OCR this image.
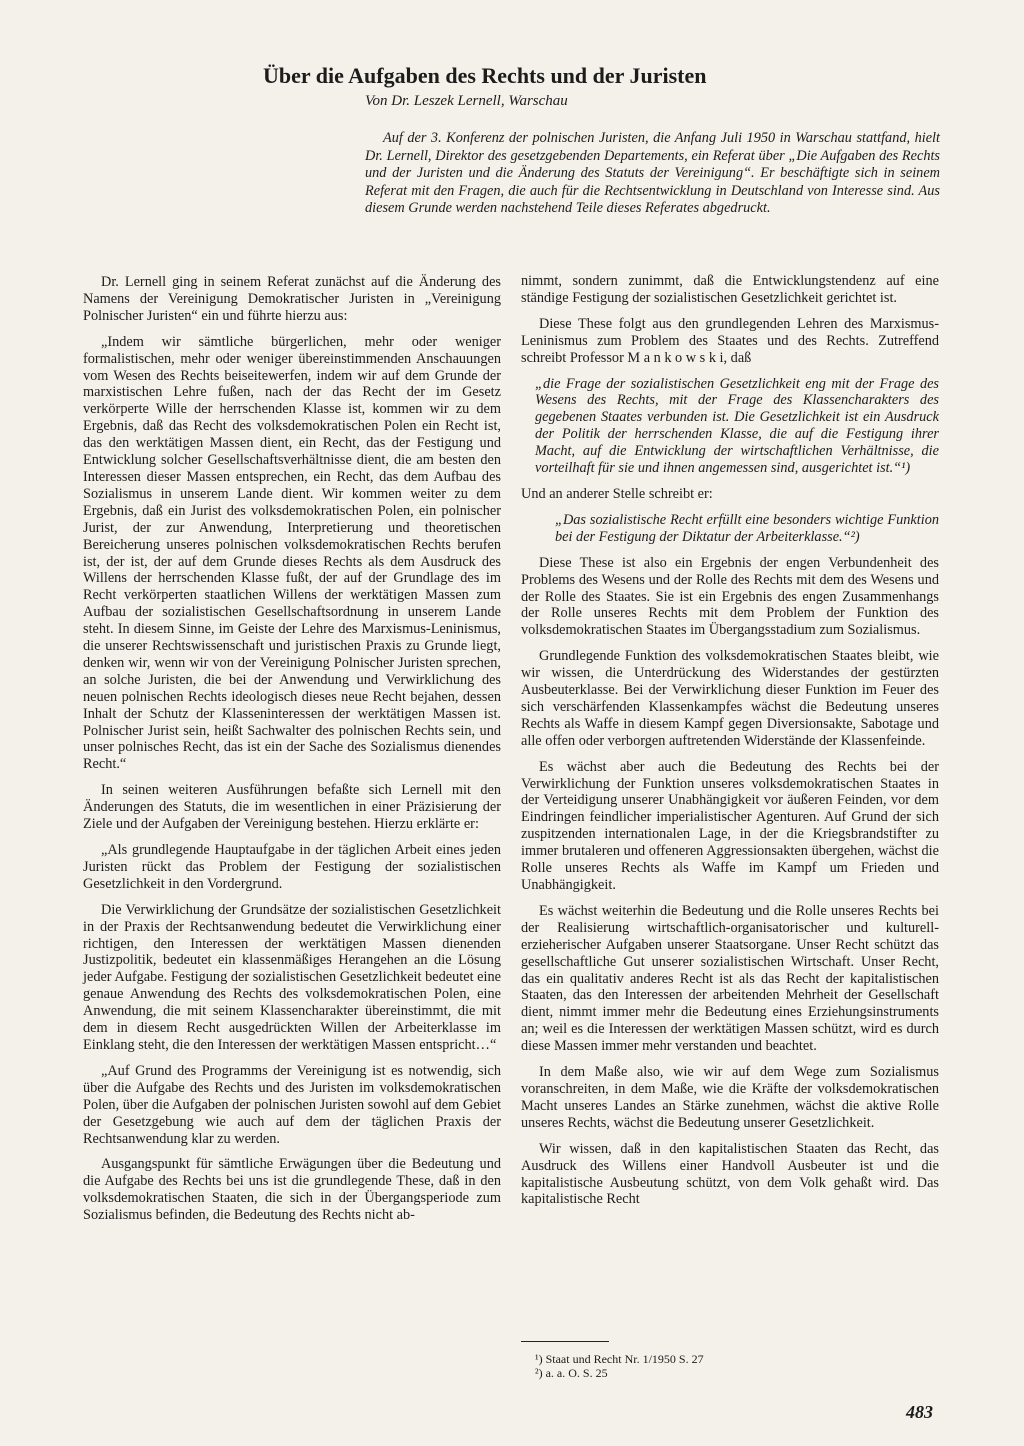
Über die Aufgaben des Rechts und der Juristen

Von Dr. Leszek Lernell, Warschau

Auf der 3. Konferenz der polnischen Juristen, die Anfang Juli 1950 in Warschau stattfand, hielt Dr. Lernell, Direktor des gesetzgebenden Departements, ein Referat über „Die Aufgaben des Rechts und der Juristen und die Änderung des Statuts der Vereinigung“. Er beschäftigte sich in seinem Referat mit den Fragen, die auch für die Rechtsentwicklung in Deutschland von Interesse sind. Aus diesem Grunde werden nachstehend Teile dieses Referates abgedruckt.

Dr. Lernell ging in seinem Referat zunächst auf die Änderung des Namens der Vereinigung Demokratischer Juristen in „Vereinigung Polnischer Juristen“ ein und führte hierzu aus:

„Indem wir sämtliche bürgerlichen, mehr oder weniger formalistischen, mehr oder weniger übereinstimmenden Anschauungen vom Wesen des Rechts beiseitewerfen, indem wir auf dem Grunde der marxistischen Lehre fußen, nach der das Recht der im Gesetz verkörperte Wille der herrschenden Klasse ist, kommen wir zu dem Ergebnis, daß das Recht des volksdemokratischen Polen ein Recht ist, das den werktätigen Massen dient, ein Recht, das der Festigung und Entwicklung solcher Gesellschaftsverhältnisse dient, die am besten den Interessen dieser Massen entsprechen, ein Recht, das dem Aufbau des Sozialismus in unserem Lande dient. Wir kommen weiter zu dem Ergebnis, daß ein Jurist des volksdemokratischen Polen, ein polnischer Jurist, der zur Anwendung, Interpretierung und theoretischen Bereicherung unseres polnischen volksdemokratischen Rechts berufen ist, der ist, der auf dem Grunde dieses Rechts als dem Ausdruck des Willens der herrschenden Klasse fußt, der auf der Grundlage des im Recht verkörperten staatlichen Willens der werktätigen Massen zum Aufbau der sozialistischen Gesellschaftsordnung in unserem Lande steht. In diesem Sinne, im Geiste der Lehre des Marxismus-Leninismus, die unserer Rechtswissenschaft und juristischen Praxis zu Grunde liegt, denken wir, wenn wir von der Vereinigung Polnischer Juristen sprechen, an solche Juristen, die bei der Anwendung und Verwirklichung des neuen polnischen Rechts ideologisch dieses neue Recht bejahen, dessen Inhalt der Schutz der Klasseninteressen der werktätigen Massen ist. Polnischer Jurist sein, heißt Sachwalter des polnischen Rechts sein, und unser polnisches Recht, das ist ein der Sache des Sozialismus dienendes Recht.“

In seinen weiteren Ausführungen befaßte sich Lernell mit den Änderungen des Statuts, die im wesentlichen in einer Präzisierung der Ziele und der Aufgaben der Vereinigung bestehen. Hierzu erklärte er:

„Als grundlegende Hauptaufgabe in der täglichen Arbeit eines jeden Juristen rückt das Problem der Festigung der sozialistischen Gesetzlichkeit in den Vordergrund.

Die Verwirklichung der Grundsätze der sozialistischen Gesetzlichkeit in der Praxis der Rechtsanwendung bedeutet die Verwirklichung einer richtigen, den Interessen der werktätigen Massen dienenden Justizpolitik, bedeutet ein klassenmäßiges Herangehen an die Lösung jeder Aufgabe. Festigung der sozialistischen Gesetzlichkeit bedeutet eine genaue Anwendung des Rechts des volksdemokratischen Polen, eine Anwendung, die mit seinem Klassencharakter übereinstimmt, die mit dem in diesem Recht ausgedrückten Willen der Arbeiterklasse im Einklang steht, die den Interessen der werktätigen Massen entspricht…“

„Auf Grund des Programms der Vereinigung ist es notwendig, sich über die Aufgabe des Rechts und des Juristen im volksdemokratischen Polen, über die Aufgaben der polnischen Juristen sowohl auf dem Gebiet der Gesetzgebung wie auch auf dem der täglichen Praxis der Rechtsanwendung klar zu werden.

Ausgangspunkt für sämtliche Erwägungen über die Bedeutung und die Aufgabe des Rechts bei uns ist die grundlegende These, daß in den volksdemokratischen Staaten, die sich in der Übergangsperiode zum Sozialismus befinden, die Bedeutung des Rechts nicht ab-

nimmt, sondern zunimmt, daß die Entwicklungstendenz auf eine ständige Festigung der sozialistischen Gesetzlichkeit gerichtet ist.

Diese These folgt aus den grundlegenden Lehren des Marxismus-Leninismus zum Problem des Staates und des Rechts. Zutreffend schreibt Professor M a n k o w s k i, daß

„die Frage der sozialistischen Gesetzlichkeit eng mit der Frage des Wesens des Rechts, mit der Frage des Klassencharakters des gegebenen Staates verbunden ist. Die Gesetzlichkeit ist ein Ausdruck der Politik der herrschenden Klasse, die auf die Festigung ihrer Macht, auf die Entwicklung der wirtschaftlichen Verhältnisse, die vorteilhaft für sie und ihnen angemessen sind, ausgerichtet ist.“¹)

Und an anderer Stelle schreibt er:

„Das sozialistische Recht erfüllt eine besonders wichtige Funktion bei der Festigung der Diktatur der Arbeiterklasse.“²)

Diese These ist also ein Ergebnis der engen Verbundenheit des Problems des Wesens und der Rolle des Rechts mit dem des Wesens und der Rolle des Staates. Sie ist ein Ergebnis des engen Zusammenhangs der Rolle unseres Rechts mit dem Problem der Funktion des volksdemokratischen Staates im Übergangsstadium zum Sozialismus.

Grundlegende Funktion des volksdemokratischen Staates bleibt, wie wir wissen, die Unterdrückung des Widerstandes der gestürzten Ausbeuterklasse. Bei der Verwirklichung dieser Funktion im Feuer des sich verschärfenden Klassenkampfes wächst die Bedeutung unseres Rechts als Waffe in diesem Kampf gegen Diversionsakte, Sabotage und alle offen oder verborgen auftretenden Widerstände der Klassenfeinde.

Es wächst aber auch die Bedeutung des Rechts bei der Verwirklichung der Funktion unseres volksdemokratischen Staates in der Verteidigung unserer Unabhängigkeit vor äußeren Feinden, vor dem Eindringen feindlicher imperialistischer Agenturen. Auf Grund der sich zuspitzenden internationalen Lage, in der die Kriegsbrandstifter zu immer brutaleren und offeneren Aggressionsakten übergehen, wächst die Rolle unseres Rechts als Waffe im Kampf um Frieden und Unabhängigkeit.

Es wächst weiterhin die Bedeutung und die Rolle unseres Rechts bei der Realisierung wirtschaftlich-organisatorischer und kulturell-erzieherischer Aufgaben unserer Staatsorgane. Unser Recht schützt das gesellschaftliche Gut unserer sozialistischen Wirtschaft. Unser Recht, das ein qualitativ anderes Recht ist als das Recht der kapitalistischen Staaten, das den Interessen der arbeitenden Mehrheit der Gesellschaft dient, nimmt immer mehr die Bedeutung eines Erziehungsinstruments an; weil es die Interessen der werktätigen Massen schützt, wird es durch diese Massen immer mehr verstanden und beachtet.

In dem Maße also, wie wir auf dem Wege zum Sozialismus voranschreiten, in dem Maße, wie die Kräfte der volksdemokratischen Macht unseres Landes an Stärke zunehmen, wächst die aktive Rolle unseres Rechts, wächst die Bedeutung unserer Gesetzlichkeit.

Wir wissen, daß in den kapitalistischen Staaten das Recht, das Ausdruck des Willens einer Handvoll Ausbeuter ist und die kapitalistische Ausbeutung schützt, von dem Volk gehaßt wird. Das kapitalistische Recht

¹) Staat und Recht Nr. 1/1950 S. 27
²) a. a. O. S. 25
483
